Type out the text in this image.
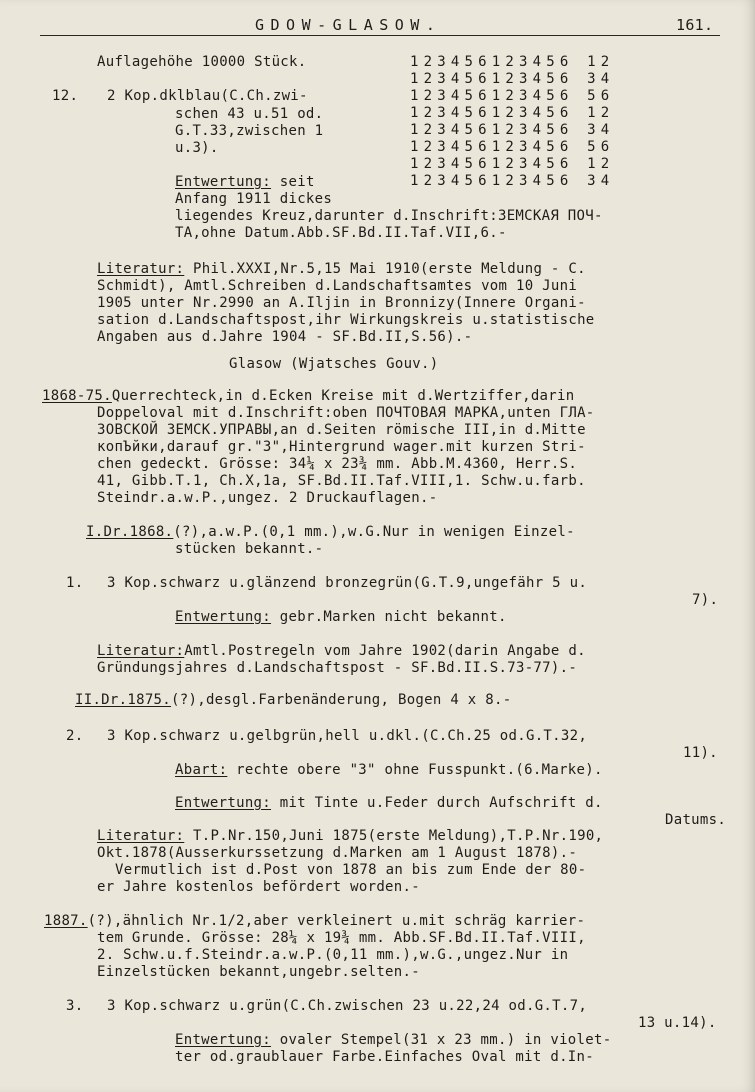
GDOW-GLASOW.	161.
Auflagehöhe 10000 Stück.
12. 2 Kop.dklblau(C.Ch.zwi-
schen 43 u.51 od.
G.T.33,zwischen 1
u.3).
123456123456 12
123456123456 34
123456123456 56
123456123456 12
123456123456 34
123456123456 56
123456123456 12
123456123456 34
Entwertung: seit
Anfang 1911 dickes
liegendes Kreuz,darunter d.Inschrift:ЗЕМСКАЯ ПОЧ-
ТА,ohne Datum.Abb.SF.Bd.II.Taf.VII,6.-
Literatur: Phil.XXXI,Nr.5,15 Mai 1910(erste Meldung - C.
Schmidt), Amtl.Schreiben d.Landschaftsamtes vom 10 Juni
1905 unter Nr.2990 an A.Iljin in Bronnizy(Innere Organi-
sation d.Landschaftspost,ihr Wirkungskreis u.statistische
Angaben aus d.Jahre 1904 - SF.Bd.II,S.56).-
Glasow (Wjatsches Gouv.)
1868-75.Querrechteck,in d.Ecken Kreise mit d.Wertziffer,darin
Doppeloval mit d.Inschrift:oben ПОЧТОВАЯ МАРКА,unten ГЛА-
ЗОВСКОЙ ЗЕМСК.УПРАВЫ,an d.Seiten römische III,in d.Mitte
копЪйки,darauf gr."3",Hintergrund wager.mit kurzen Stri-
chen gedeckt. Grösse: 34¼ x 23¾ mm. Abb.M.4360, Herr.S.
41, Gibb.T.1, Ch.X,1a, SF.Bd.II.Taf.VIII,1. Schw.u.farb.
Steindr.a.w.P.,ungez. 2 Druckauflagen.-
I.Dr.1868.(?),a.w.P.(0,1 mm.),w.G.Nur in wenigen Einzel-
stücken bekannt.-
1. 3 Kop.schwarz u.glänzend bronzegrün(G.T.9,ungefähr 5 u.
7).
Entwertung: gebr.Marken nicht bekannt.
Literatur:Amtl.Postregeln vom Jahre 1902(darin Angabe d.
Gründungsjahres d.Landschaftspost - SF.Bd.II.S.73-77).-
II.Dr.1875.(?),desgl.Farbenänderung, Bogen 4 x 8.-
2. 3 Kop.schwarz u.gelbgrün,hell u.dkl.(C.Ch.25 od.G.T.32,
11).
Abart: rechte obere "3" ohne Fusspunkt.(6.Marke).
Entwertung: mit Tinte u.Feder durch Aufschrift d.
Datums.
Literatur: T.P.Nr.150,Juni 1875(erste Meldung),T.P.Nr.190,
Okt.1878(Ausserkurssetzung d.Marken am 1 August 1878).-
Vermutlich ist d.Post von 1878 an bis zum Ende der 80-
er Jahre kostenlos befördert worden.-
1887.(?),ähnlich Nr.1/2,aber verkleinert u.mit schräg karrier-
tem Grunde. Grösse: 28¼ x 19¾ mm. Abb.SF.Bd.II.Taf.VIII,
2. Schw.u.f.Steindr.a.w.P.(0,11 mm.),w.G.,ungez.Nur in
Einzelstücken bekannt,ungebr.selten.-
3. 3 Kop.schwarz u.grün(C.Ch.zwischen 23 u.22,24 od.G.T.7,
13 u.14).
Entwertung: ovaler Stempel(31 x 23 mm.) in violet-
ter od.graublauer Farbe.Einfaches Oval mit d.In-
